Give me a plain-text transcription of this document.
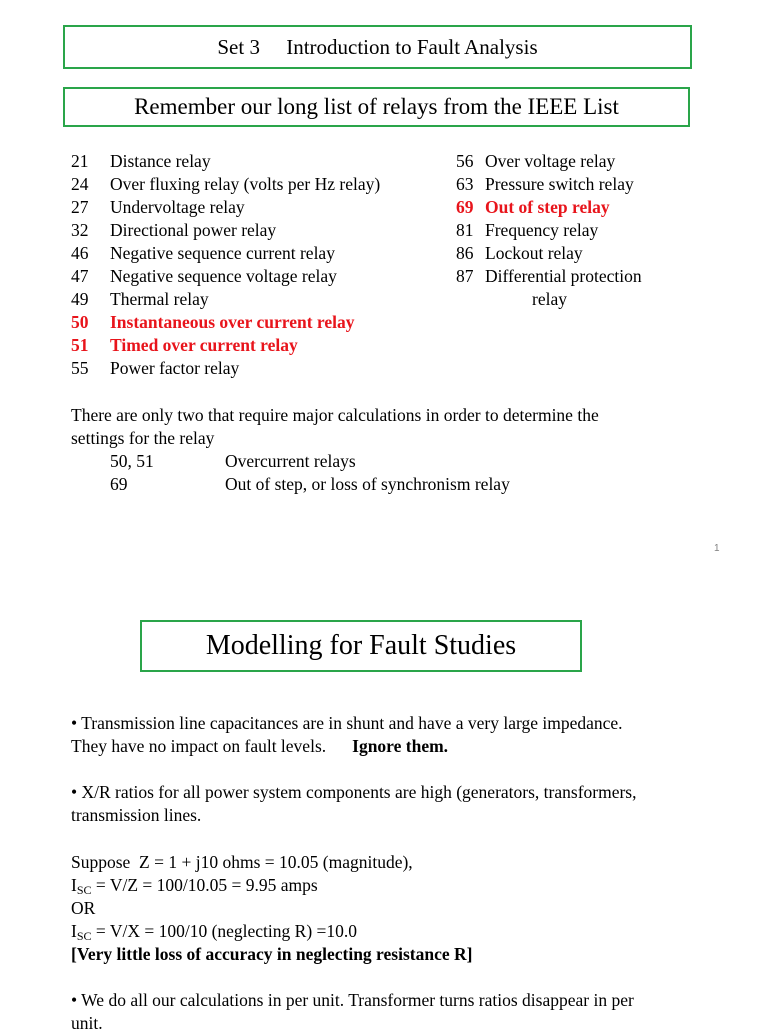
Set 3     Introduction to Fault Analysis
Remember our long list of relays from the IEEE List
21	Distance relay
24	Over fluxing relay (volts per Hz relay)
27	Undervoltage relay
32	Directional power relay
46	Negative sequence current relay
47	Negative sequence voltage relay
49	Thermal relay
50	Instantaneous over current relay
51	Timed over current relay
55	Power factor relay
56 Over voltage relay
63 Pressure switch relay
69 Out of step relay
81 Frequency relay
86 Lockout relay
87 Differential protection
relay
There are only two that require major calculations in order to determine the
settings for the relay
50, 51	Overcurrent relays
69	Out of step, or loss of synchronism relay
1
Modelling for Fault Studies
• Transmission line capacitances are in shunt and have a very large impedance.
They have no impact on fault levels. Ignore them.
• X/R ratios for all power system components are high (generators, transformers,
transmission lines.
Suppose  Z = 1 + j10 ohms = 10.05 (magnitude),
$I_{SC} = V/Z = 100/10.05 = 9.95$ amps
OR
$I_{SC} = V/X = 100/10$ (neglecting R) =10.0
[Very little loss of accuracy in neglecting resistance R]
• We do all our calculations in per unit. Transformer turns ratios disappear in per
unit.
